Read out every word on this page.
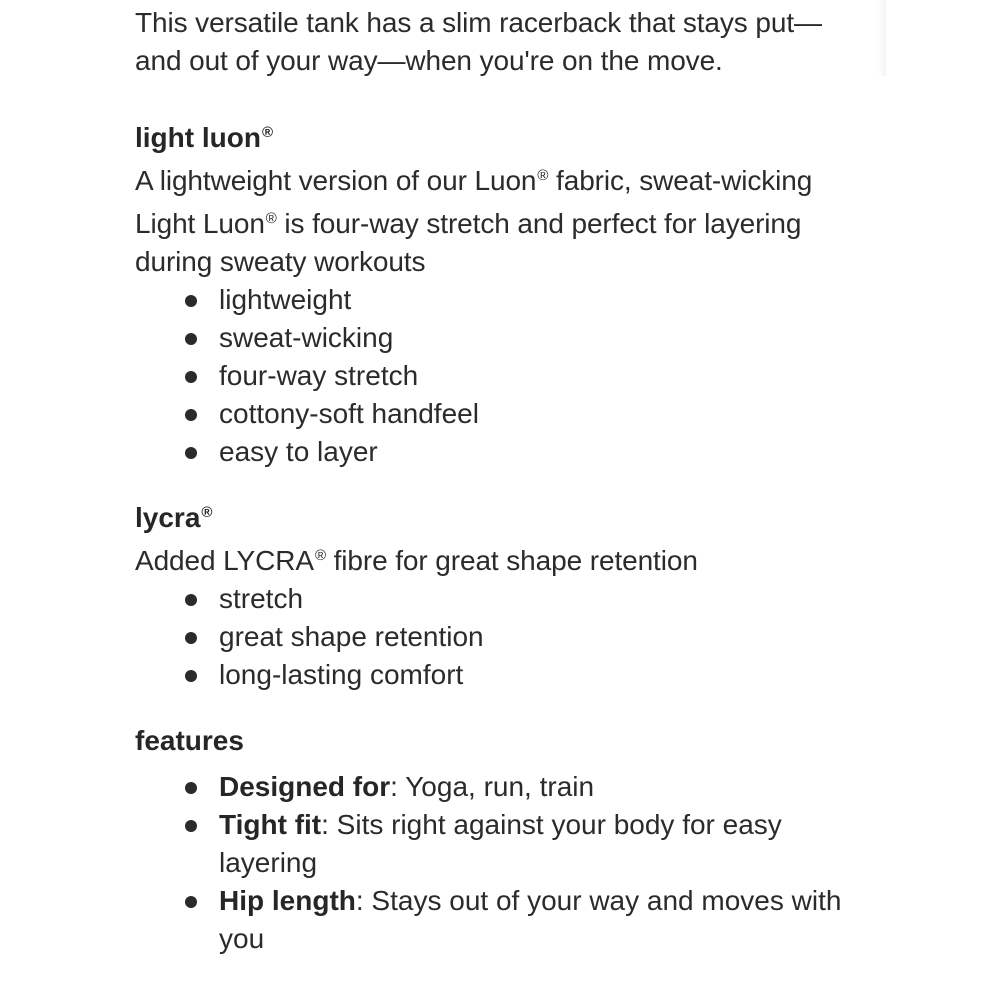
This versatile tank has a slim racerback that stays put—and out of your way—when you're on the move.

light luon®

A lightweight version of our Luon® fabric, sweat-wicking Light Luon® is four-way stretch and perfect for layering during sweaty workouts

lightweight
sweat-wicking
four-way stretch
cottony-soft handfeel
easy to layer
lycra®

Added LYCRA® fibre for great shape retention

stretch
great shape retention
long-lasting comfort
features
Designed for: Yoga, run, train
Tight fit: Sits right against your body for easy layering
Hip length: Stays out of your way and moves with you
